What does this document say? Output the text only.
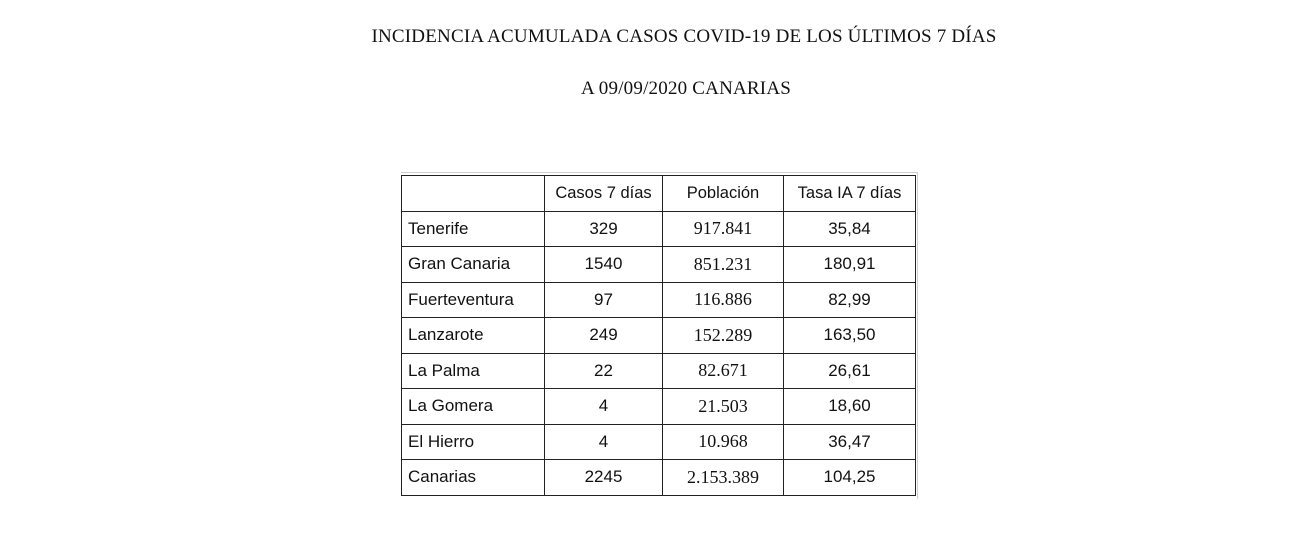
INCIDENCIA ACUMULADA CASOS COVID-19 DE LOS ÚLTIMOS 7 DÍAS
A 09/09/2020 CANARIAS
	Casos 7 días	Población	Tasa IA 7 días
Tenerife	329	917.841	35,84
Gran Canaria	1540	851.231	180,91
Fuerteventura	97	116.886	82,99
Lanzarote	249	152.289	163,50
La Palma	22	82.671	26,61
La Gomera	4	21.503	18,60
El Hierro	4	10.968	36,47
Canarias	2245	2.153.389	104,25
